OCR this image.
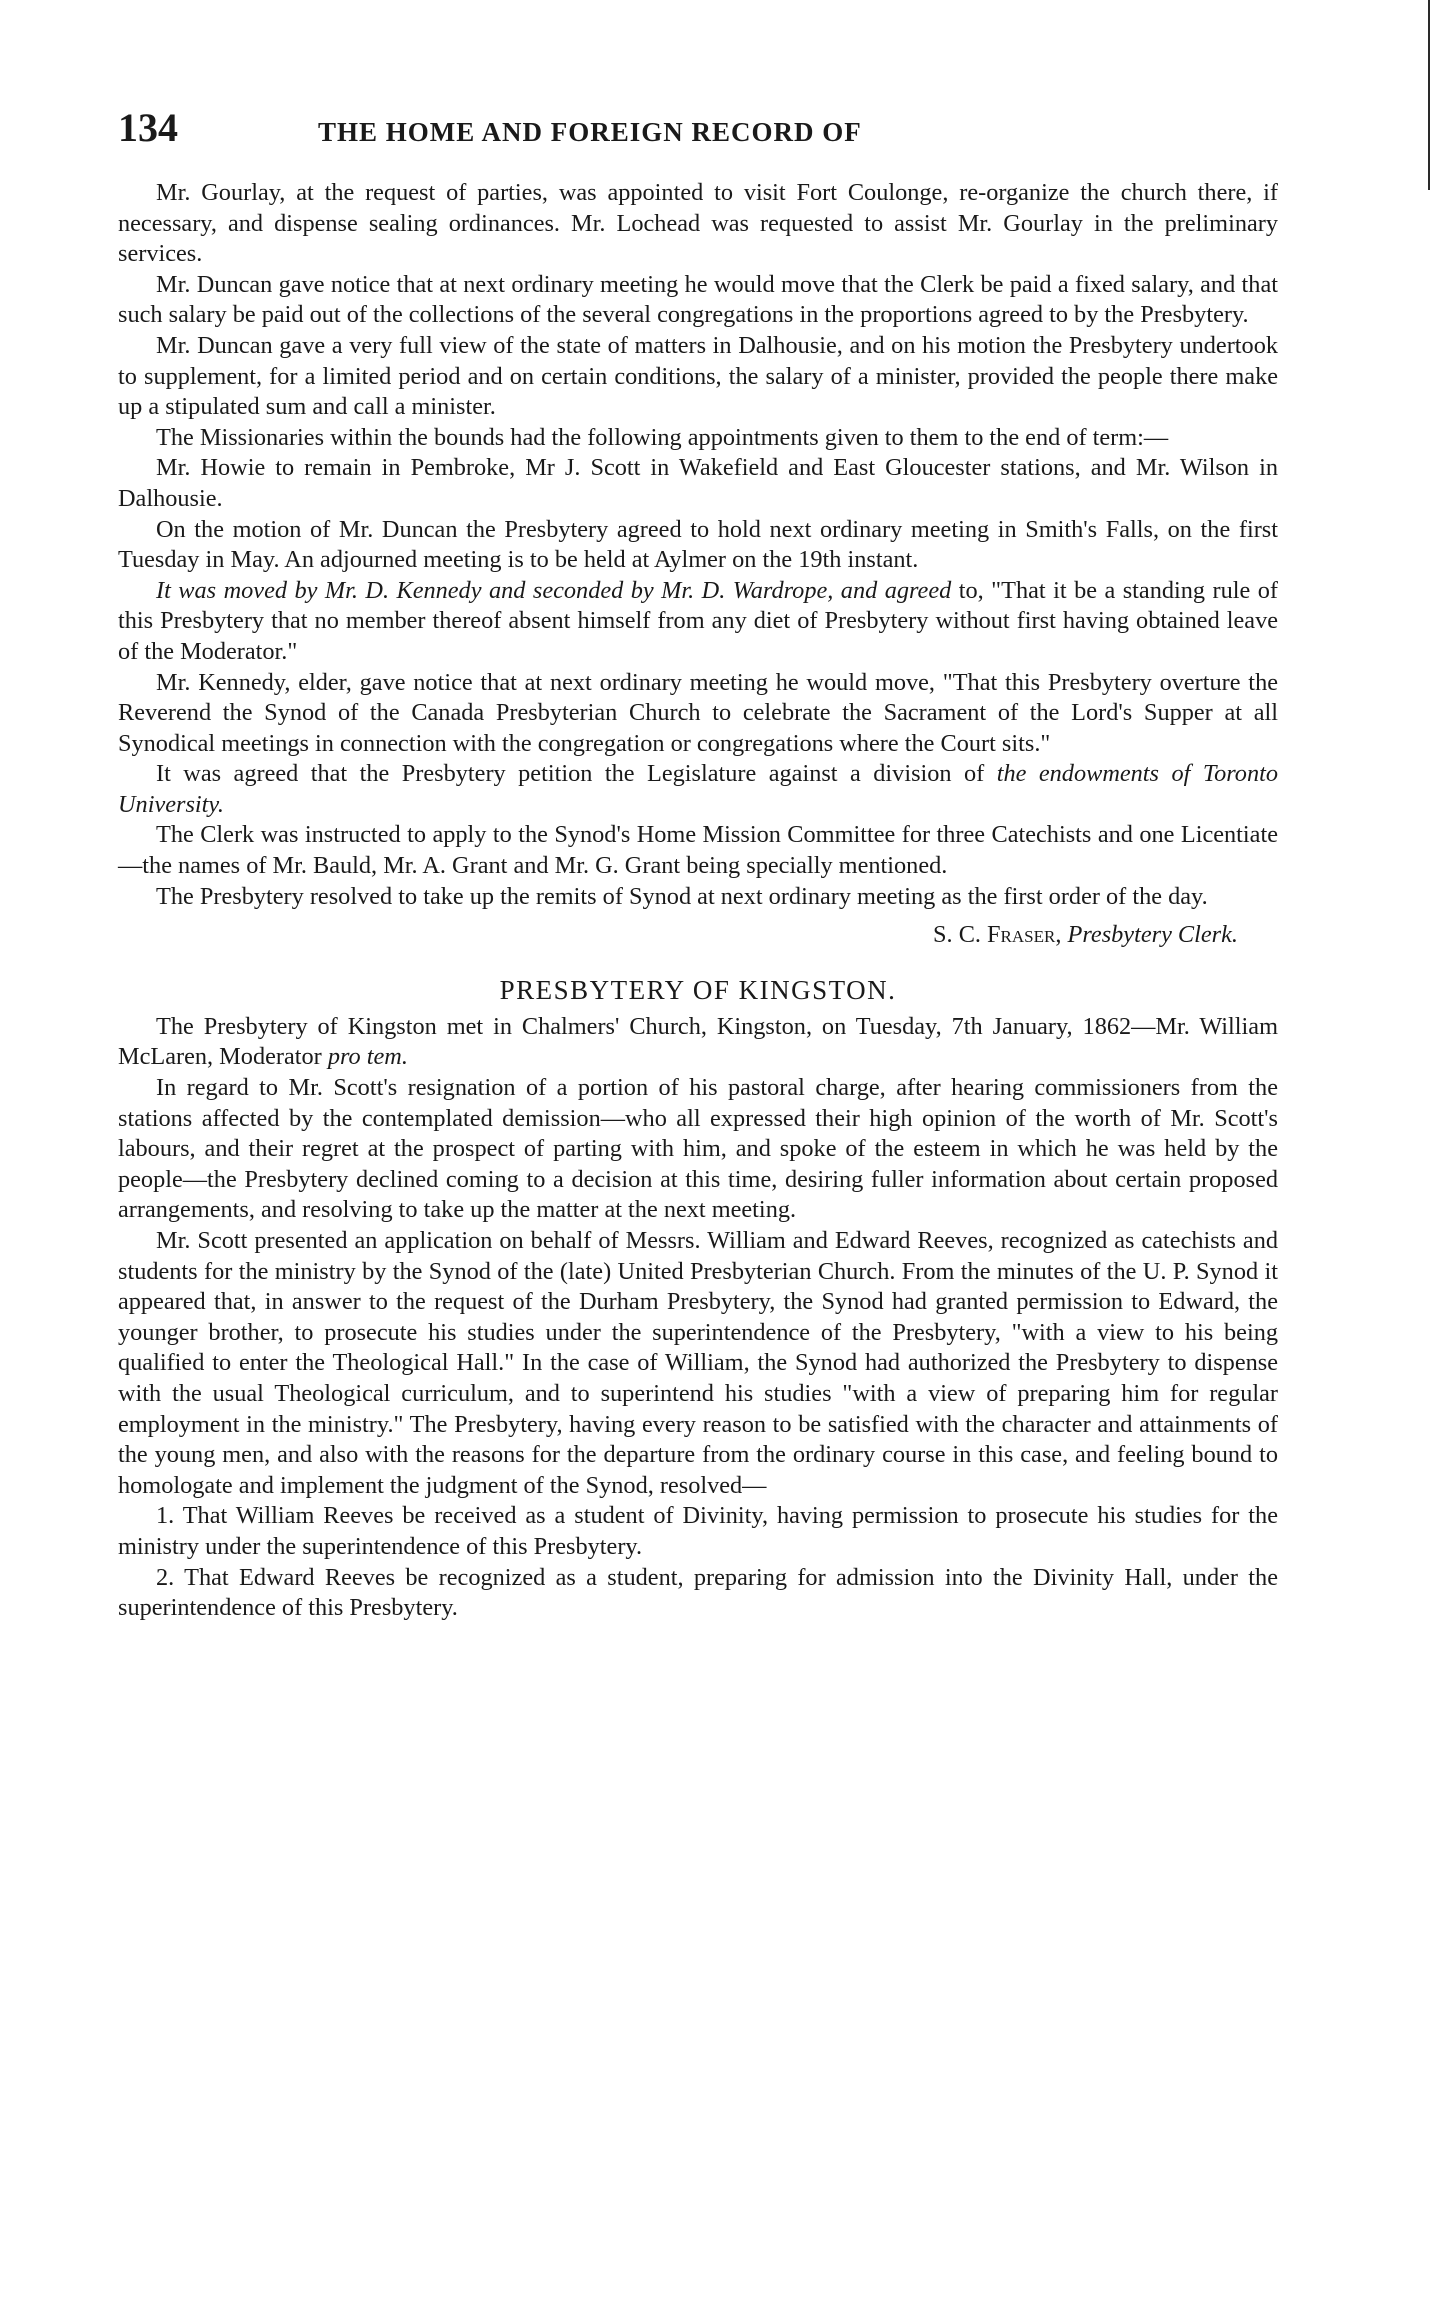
134	THE HOME AND FOREIGN RECORD OF

Mr. Gourlay, at the request of parties, was appointed to visit Fort Coulonge, re-organize the church there, if necessary, and dispense sealing ordinances. Mr. Lochead was requested to assist Mr. Gourlay in the preliminary services.

Mr. Duncan gave notice that at next ordinary meeting he would move that the Clerk be paid a fixed salary, and that such salary be paid out of the collections of the several congregations in the proportions agreed to by the Presbytery.

Mr. Duncan gave a very full view of the state of matters in Dalhousie, and on his motion the Presbytery undertook to supplement, for a limited period and on certain conditions, the salary of a minister, provided the people there make up a stipulated sum and call a minister.

The Missionaries within the bounds had the following appointments given to them to the end of term:—

Mr. Howie to remain in Pembroke, Mr J. Scott in Wakefield and East Gloucester stations, and Mr. Wilson in Dalhousie.

On the motion of Mr. Duncan the Presbytery agreed to hold next ordinary meeting in Smith's Falls, on the first Tuesday in May. An adjourned meeting is to be held at Aylmer on the 19th instant.

It was moved by Mr. D. Kennedy and seconded by Mr. D. Wardrope, and agreed to, "That it be a standing rule of this Presbytery that no member thereof absent himself from any diet of Presbytery without first having obtained leave of the Moderator."

Mr. Kennedy, elder, gave notice that at next ordinary meeting he would move, "That this Presbytery overture the Reverend the Synod of the Canada Presbyterian Church to celebrate the Sacrament of the Lord's Supper at all Synodical meetings in connection with the congregation or congregations where the Court sits."

It was agreed that the Presbytery petition the Legislature against a division of the endowments of Toronto University.

The Clerk was instructed to apply to the Synod's Home Mission Committee for three Catechists and one Licentiate—the names of Mr. Bauld, Mr. A. Grant and Mr. G. Grant being specially mentioned.

The Presbytery resolved to take up the remits of Synod at next ordinary meeting as the first order of the day.

S. C. Fraser, Presbytery Clerk.
PRESBYTERY OF KINGSTON.

The Presbytery of Kingston met in Chalmers' Church, Kingston, on Tuesday, 7th January, 1862—Mr. William McLaren, Moderator pro tem.

In regard to Mr. Scott's resignation of a portion of his pastoral charge, after hearing commissioners from the stations affected by the contemplated demission—who all expressed their high opinion of the worth of Mr. Scott's labours, and their regret at the prospect of parting with him, and spoke of the esteem in which he was held by the people—the Presbytery declined coming to a decision at this time, desiring fuller information about certain proposed arrangements, and resolving to take up the matter at the next meeting.

Mr. Scott presented an application on behalf of Messrs. William and Edward Reeves, recognized as catechists and students for the ministry by the Synod of the (late) United Presbyterian Church. From the minutes of the U. P. Synod it appeared that, in answer to the request of the Durham Presbytery, the Synod had granted permission to Edward, the younger brother, to prosecute his studies under the superintendence of the Presbytery, "with a view to his being qualified to enter the Theological Hall." In the case of William, the Synod had authorized the Presbytery to dispense with the usual Theological curriculum, and to superintend his studies "with a view of preparing him for regular employment in the ministry." The Presbytery, having every reason to be satisfied with the character and attainments of the young men, and also with the reasons for the departure from the ordinary course in this case, and feeling bound to homologate and implement the judgment of the Synod, resolved—

1. That William Reeves be received as a student of Divinity, having permission to prosecute his studies for the ministry under the superintendence of this Presbytery.

2. That Edward Reeves be recognized as a student, preparing for admission into the Divinity Hall, under the superintendence of this Presbytery.
